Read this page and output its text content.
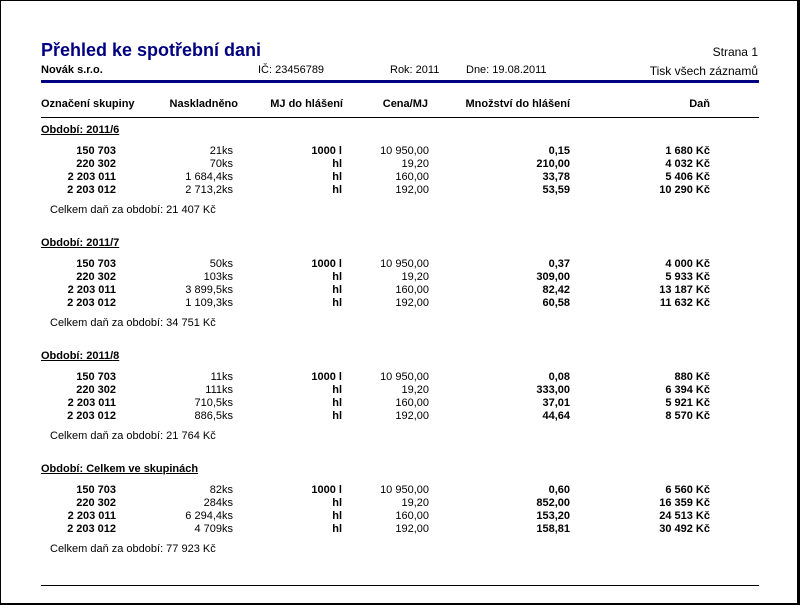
Přehled ke spotřební dani	Strana 1
Novák s.r.o.	IČ: 23456789	Rok: 2011 Dne: 19.08.2011	Tisk všech záznamů
Označení skupiny	Naskladněno	MJ do hlášení	Cena/MJ	Množství do hlášení	Daň
Období: 2011/6
150 703	21ks	1000 l	10 950,00	0,15	1 680 Kč
220 302	70ks	hl	19,20	210,00	4 032 Kč
2 203 011	1 684,4ks	hl	160,00	33,78	5 406 Kč
2 203 012	2 713,2ks	hl	192,00	53,59	10 290 Kč
Celkem daň za období: 21 407 Kč
Období: 2011/7
150 703	50ks	1000 l	10 950,00	0,37	4 000 Kč
220 302	103ks	hl	19,20	309,00	5 933 Kč
2 203 011	3 899,5ks	hl	160,00	82,42	13 187 Kč
2 203 012	1 109,3ks	hl	192,00	60,58	11 632 Kč
Celkem daň za období: 34 751 Kč
Období: 2011/8
150 703	11ks	1000 l	10 950,00	0,08	880 Kč
220 302	111ks	hl	19,20	333,00	6 394 Kč
2 203 011	710,5ks	hl	160,00	37,01	5 921 Kč
2 203 012	886,5ks	hl	192,00	44,64	8 570 Kč
Celkem daň za období: 21 764 Kč
Období: Celkem ve skupinách
150 703	82ks	1000 l	10 950,00	0,60	6 560 Kč
220 302	284ks	hl	19,20	852,00	16 359 Kč
2 203 011	6 294,4ks	hl	160,00	153,20	24 513 Kč
2 203 012	4 709ks	hl	192,00	158,81	30 492 Kč
Celkem daň za období: 77 923 Kč
